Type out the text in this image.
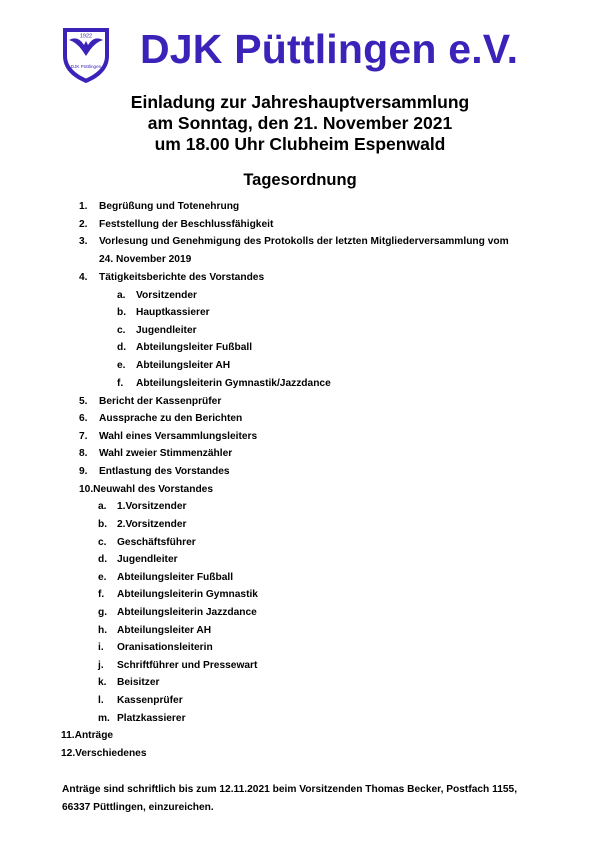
1922
DJK Püttlingen DJK Püttlingen e.V.
Einladung zur Jahreshauptversammlung
am Sonntag, den 21. November 2021
um 18.00 Uhr Clubheim Espenwald
Tagesordnung
1. Begrüßung und Totenehrung
2. Feststellung der Beschlussfähigkeit
3. Vorlesung und Genehmigung des Protokolls der letzten Mitgliederversammlung vom
24. November 2019
4. Tätigkeitsberichte des Vorstandes
a. Vorsitzender
b. Hauptkassierer
c. Jugendleiter
d. Abteilungsleiter Fußball
e. Abteilungsleiter AH
f. Abteilungsleiterin Gymnastik/Jazzdance
5. Bericht der Kassenprüfer
6. Aussprache zu den Berichten
7. Wahl eines Versammlungsleiters
8. Wahl zweier Stimmenzähler
9. Entlastung des Vorstandes
10.Neuwahl des Vorstandes
a. 1.Vorsitzender
b. 2.Vorsitzender
c. Geschäftsführer
d. Jugendleiter
e. Abteilungsleiter Fußball
f. Abteilungsleiterin Gymnastik
g. Abteilungsleiterin Jazzdance
h. Abteilungsleiter AH
i. Oranisationsleiterin
j. Schriftführer und Pressewart
k. Beisitzer
l. Kassenprüfer
m. Platzkassierer
11.Anträge
12.Verschiedenes
Anträge sind schriftlich bis zum 12.11.2021 beim Vorsitzenden Thomas Becker, Postfach 1155,
66337 Püttlingen, einzureichen.
